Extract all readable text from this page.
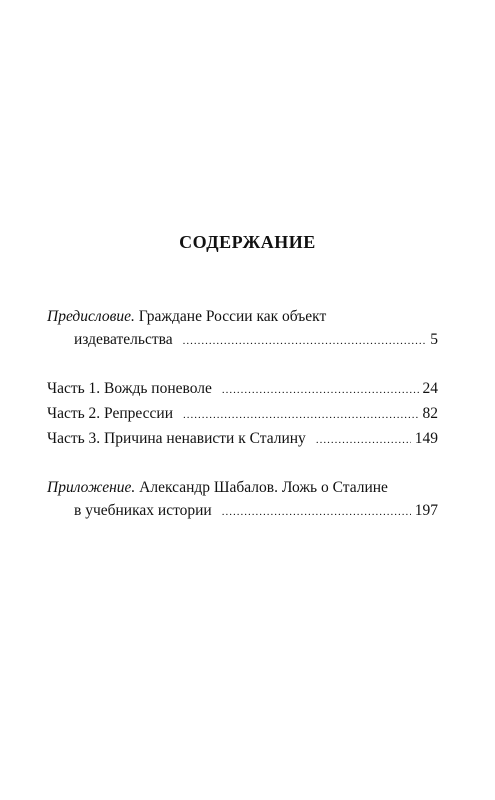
СОДЕРЖАНИЕ
Предисловие.
Граждане России как объект
издевательства .....	5
Часть 1. Вождь поневоле .....	24
Часть 2. Репрессии .....	82
Часть 3. Причина ненависти к Сталину .....	149
Приложение.
Александр Шабалов. Ложь о Сталине
в учебниках истории .....	197
